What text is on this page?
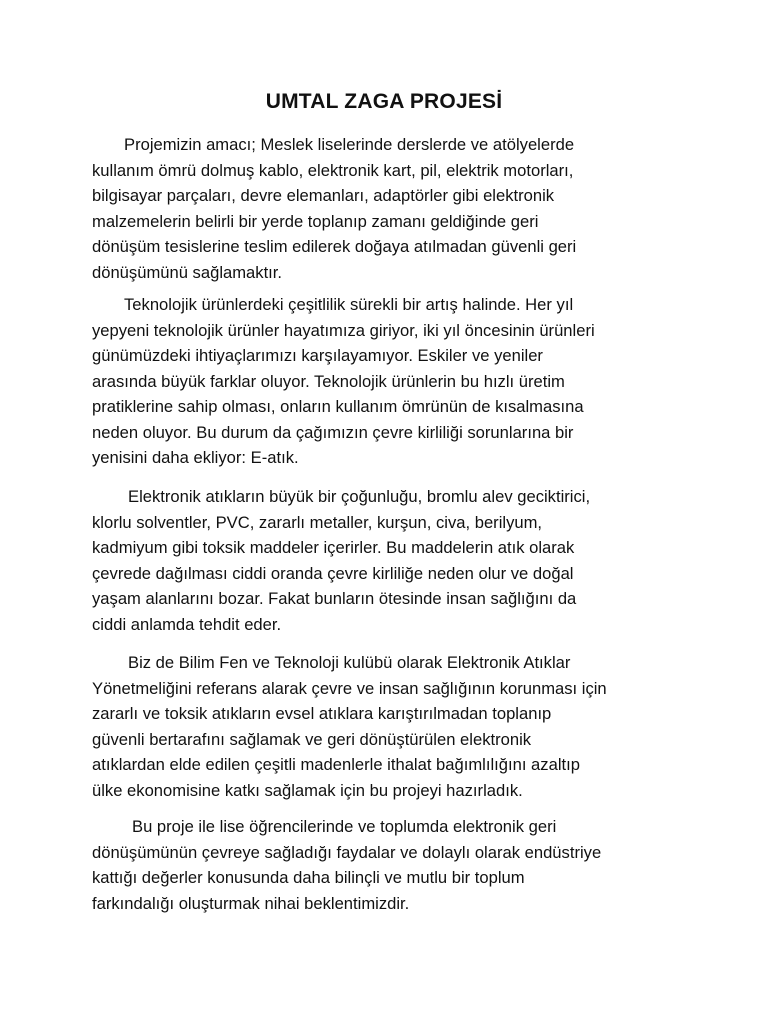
UMTAL ZAGA PROJESİ

Projemizin amacı; Meslek liselerinde derslerde ve atölyelerde
kullanım ömrü dolmuş kablo, elektronik kart, pil, elektrik motorları,
bilgisayar parçaları, devre elemanları, adaptörler gibi elektronik
malzemelerin belirli bir yerde toplanıp zamanı geldiğinde geri
dönüşüm tesislerine teslim edilerek doğaya atılmadan güvenli geri
dönüşümünü sağlamaktır.

Teknolojik ürünlerdeki çeşitlilik sürekli bir artış halinde. Her yıl
yepyeni teknolojik ürünler hayatımıza giriyor, iki yıl öncesinin ürünleri
günümüzdeki ihtiyaçlarımızı karşılayamıyor. Eskiler ve yeniler
arasında büyük farklar oluyor. Teknolojik ürünlerin bu hızlı üretim
pratiklerine sahip olması, onların kullanım ömrünün de kısalmasına
neden oluyor. Bu durum da çağımızın çevre kirliliği sorunlarına bir
yenisini daha ekliyor: E-atık.

Elektronik atıkların büyük bir çoğunluğu, bromlu alev geciktirici,
klorlu solventler, PVC, zararlı metaller, kurşun, civa, berilyum,
kadmiyum gibi toksik maddeler içerirler. Bu maddelerin atık olarak
çevrede dağılması ciddi oranda çevre kirliliğe neden olur ve doğal
yaşam alanlarını bozar. Fakat bunların ötesinde insan sağlığını da
ciddi anlamda tehdit eder.

Biz de Bilim Fen ve Teknoloji kulübü olarak Elektronik Atıklar
Yönetmeliğini referans alarak çevre ve insan sağlığının korunması için
zararlı ve toksik atıkların evsel atıklara karıştırılmadan toplanıp
güvenli bertarafını sağlamak ve geri dönüştürülen elektronik
atıklardan elde edilen çeşitli madenlerle ithalat bağımlılığını azaltıp
ülke ekonomisine katkı sağlamak için bu projeyi hazırladık.

Bu proje ile lise öğrencilerinde ve toplumda elektronik geri
dönüşümünün çevreye sağladığı faydalar ve dolaylı olarak endüstriye
kattığı değerler konusunda daha bilinçli ve mutlu bir toplum
farkındalığı oluşturmak nihai beklentimizdir.
